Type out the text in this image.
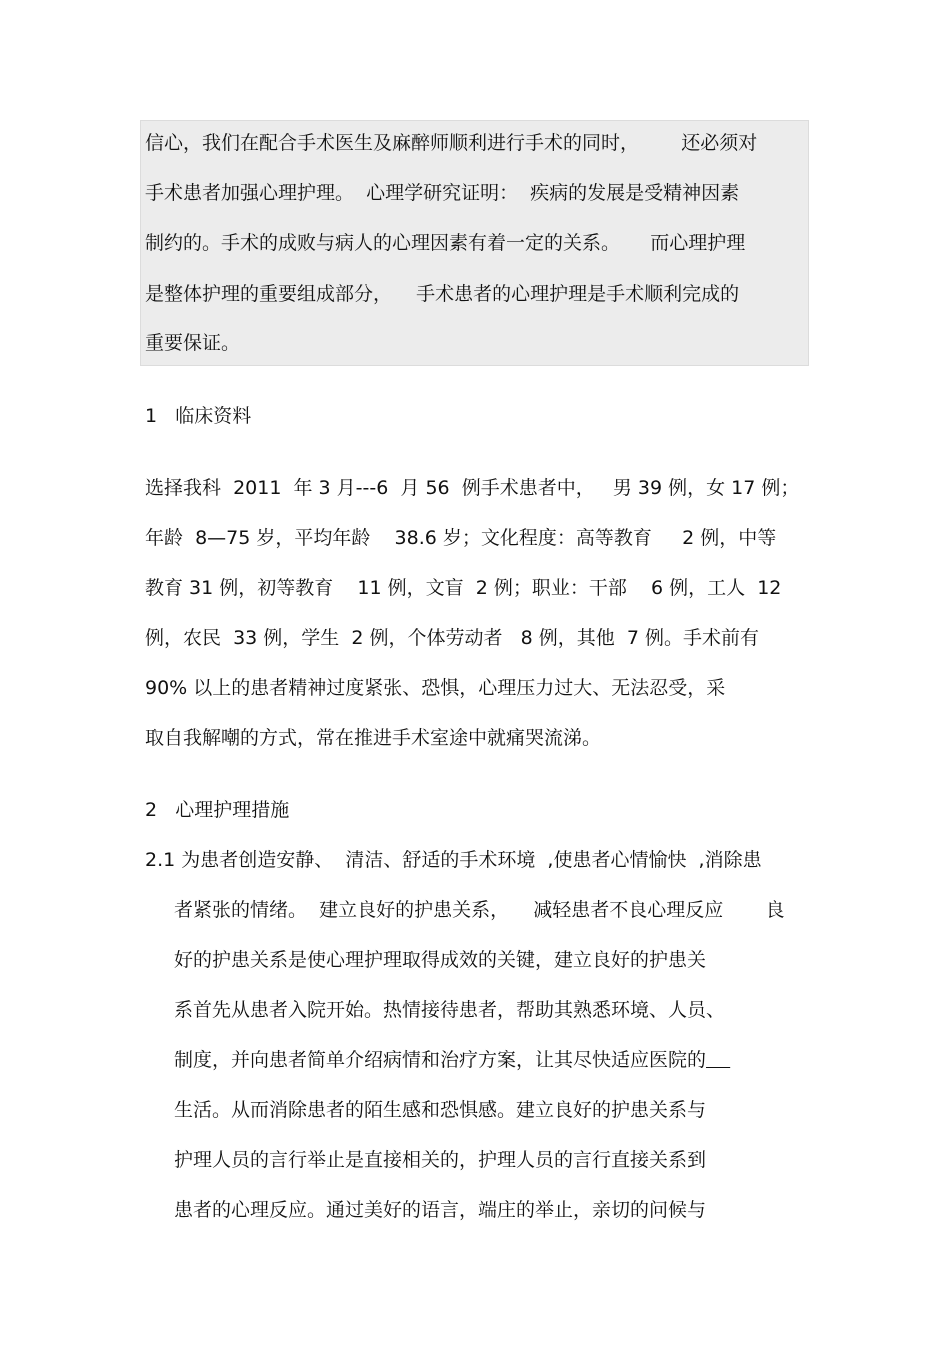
信心，我们在配合手术医生及麻醉师顺利进行手术的同时，       还必须对
手术患者加强心理护理。  心理学研究证明：  疾病的发展是受精神因素
制约的。手术的成败与病人的心理因素有着一定的关系。     而心理护理
是整体护理的重要组成部分，    手术患者的心理护理是手术顺利完成的
重要保证。
1   临床资料
选择我科  2011  年 3 月---6  月 56  例手术患者中，   男 39 例，女 17 例；
年龄  8—75 岁，平均年龄    38.6 岁；文化程度：高等教育     2 例，中等
教育 31 例，初等教育    11 例，文盲  2 例；职业：干部    6 例，工人  12
例，农民  33 例，学生  2 例，个体劳动者   8 例，其他  7 例。手术前有
90% 以上的患者精神过度紧张、恐惧，心理压力过大、无法忍受，采
取自我解嘲的方式，常在推进手术室途中就痛哭流涕。
2   心理护理措施
2.1 为患者创造安静、  清洁、舒适的手术环境  ,使患者心情愉快  ,消除患
者紧张的情绪。  建立良好的护患关系，    减轻患者不良心理反应       良
好的护患关系是使心理护理取得成效的关键，建立良好的护患关
系首先从患者入院开始。热情接待患者，帮助其熟悉环境、人员、
制度，并向患者简单介绍病情和治疗方案，让其尽快适应医院的
生活。从而消除患者的陌生感和恐惧感。建立良好的护患关系与
护理人员的言行举止是直接相关的，护理人员的言行直接关系到
患者的心理反应。通过美好的语言，端庄的举止，亲切的问候与
